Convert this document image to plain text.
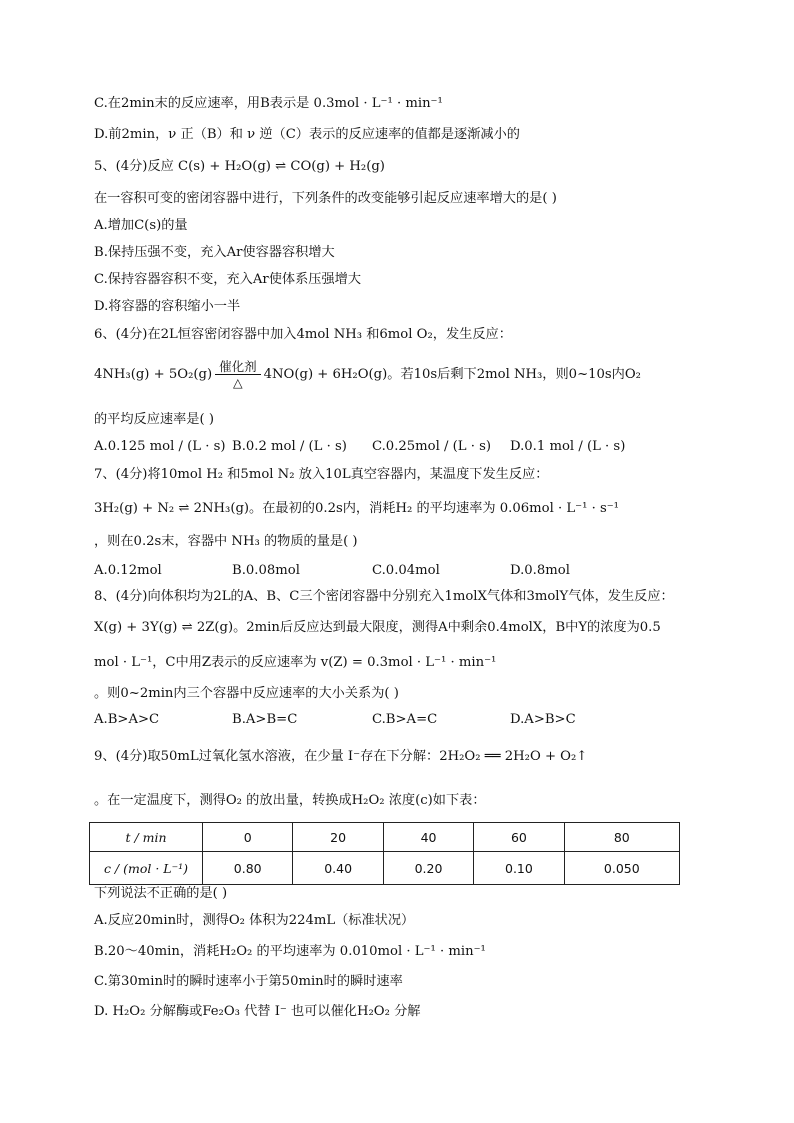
C.在2min末的反应速率，用B表示是 0.3mol · L⁻¹ · min⁻¹
D.前2min，ν 正（B）和 ν 逆（C）表示的反应速率的值都是逐渐减小的
5、(4分)反应 C(s) + H₂O(g) ⇌ CO(g) + H₂(g)
在一容积可变的密闭容器中进行，下列条件的改变能够引起反应速率增大的是( )
A.增加C(s)的量
B.保持压强不变，充入Ar使容器容积增大
C.保持容器容积不变，充入Ar使体系压强增大
D.将容器的容积缩小一半
6、(4分)在2L恒容密闭容器中加入4mol NH₃ 和6mol O₂，发生反应：
$4NH_3(g) + 5O_2(g) \frac{\text{催化剂}}{\triangle} 4NO(g) + 6H_2O(g)$。若10s后剩下2mol NH₃，则0~10s内O₂
的平均反应速率是( )
A.0.125 mol / (L · s) B.0.2 mol / (L · s) C.0.25mol / (L · s) D.0.1 mol / (L · s)
7、(4分)将10mol H₂ 和5mol N₂ 放入10L真空容器内，某温度下发生反应：
3H₂(g) + N₂ ⇌ 2NH₃(g)。在最初的0.2s内，消耗H₂ 的平均速率为 0.06mol · L⁻¹ · s⁻¹
，则在0.2s末，容器中 NH₃ 的物质的量是( )
A.0.12mol	B.0.08mol	C.0.04mol	D.0.8mol
8、(4分)向体积均为2L的A、B、C三个密闭容器中分别充入1molX气体和3molY气体，发生反应：
X(g) + 3Y(g) ⇌ 2Z(g)。2min后反应达到最大限度，测得A中剩余0.4molX，B中Y的浓度为0.5
mol · L⁻¹，C中用Z表示的反应速率为 v(Z) = 0.3mol · L⁻¹ · min⁻¹
。则0~2min内三个容器中反应速率的大小关系为( )
A.B>A>C	B.A>B=C	C.B>A=C	D.A>B>C
9、(4分)取50mL过氧化氢水溶液，在少量 I⁻存在下分解：2H₂O₂ ══ 2H₂O + O₂↑
。在一定温度下，测得O₂ 的放出量，转换成H₂O₂ 浓度(c)如下表：
t / min	0	20	40	60	80
c / (mol · L⁻¹)	0.80	0.40	0.20	0.10	0.050
下列说法不正确的是( )
A.反应20min时，测得O₂ 体积为224mL（标准状况）
B.20～40min，消耗H₂O₂ 的平均速率为 0.010mol · L⁻¹ · min⁻¹
C.第30min时的瞬时速率小于第50min时的瞬时速率
D. H₂O₂ 分解酶或Fe₂O₃ 代替 I⁻ 也可以催化H₂O₂ 分解
